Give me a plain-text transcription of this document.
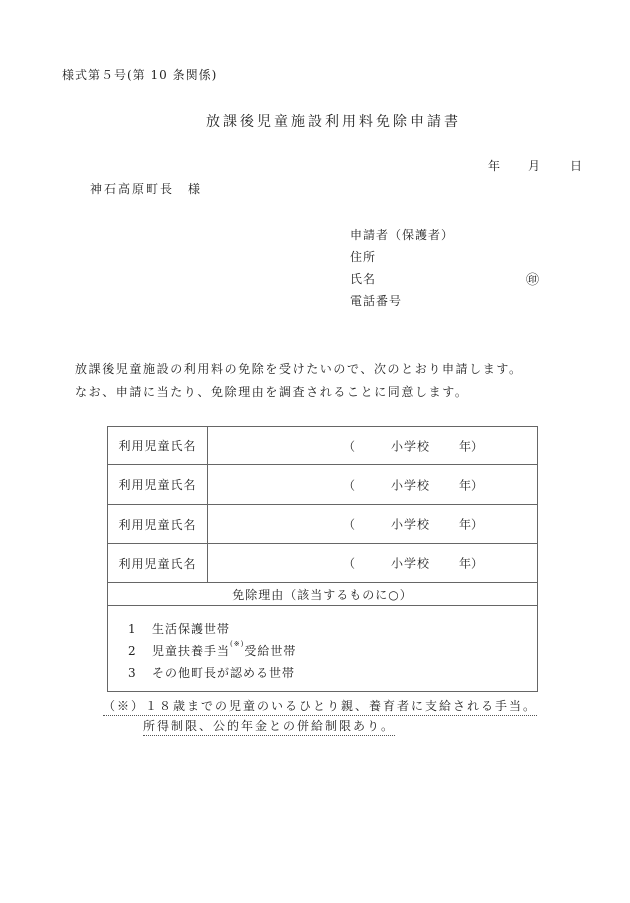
様式第５号(第 10 条関係)
放課後児童施設利用料免除申請書
年 月 日
神石高原町長　様
申請者（保護者）
住所
氏名	㊞
電話番号
放課後児童施設の利用料の免除を受けたいので、次のとおり申請します。
なお、申請に当たり、免除理由を調査されることに同意します。
利用児童氏名	（	小学校 年）
利用児童氏名	（	小学校 年）
利用児童氏名	（	小学校 年）
利用児童氏名	（	小学校 年）
免除理由（該当するものに○）
1 生活保護世帯
2 児童扶養手当(※)受給世帯
3 その他町長が認める世帯
（※）１８歳までの児童のいるひとり親、養育者に支給される手当。
所得制限、公的年金との併給制限あり。
